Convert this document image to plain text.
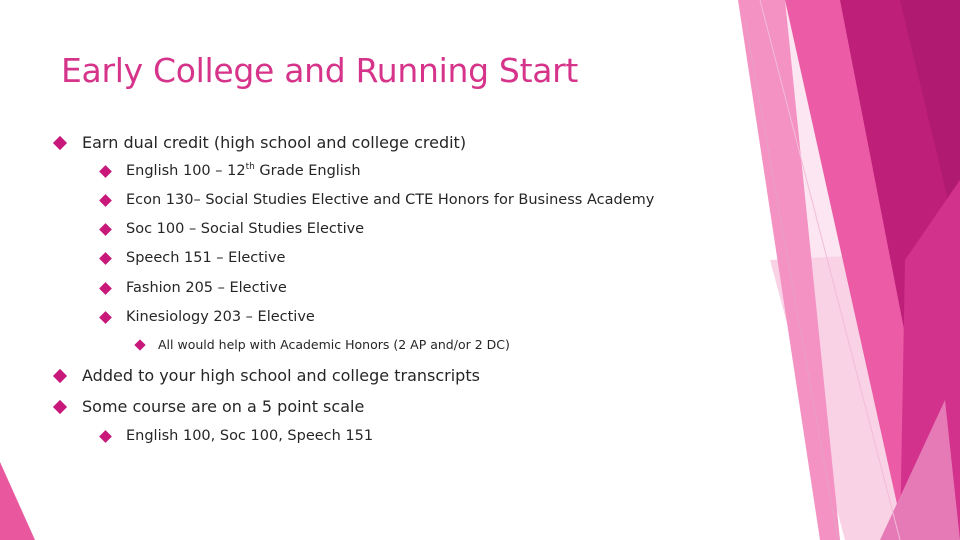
Early College and Running Start
Earn dual credit (high school and college credit)
English 100 – 12th Grade English
Econ 130– Social Studies Elective and CTE Honors for Business Academy
Soc 100 – Social Studies Elective
Speech 151 – Elective
Fashion 205 – Elective
Kinesiology 203 – Elective
All would help with Academic Honors (2 AP and/or 2 DC)
Added to your high school and college transcripts
Some course are on a 5 point scale
English 100, Soc 100, Speech 151
